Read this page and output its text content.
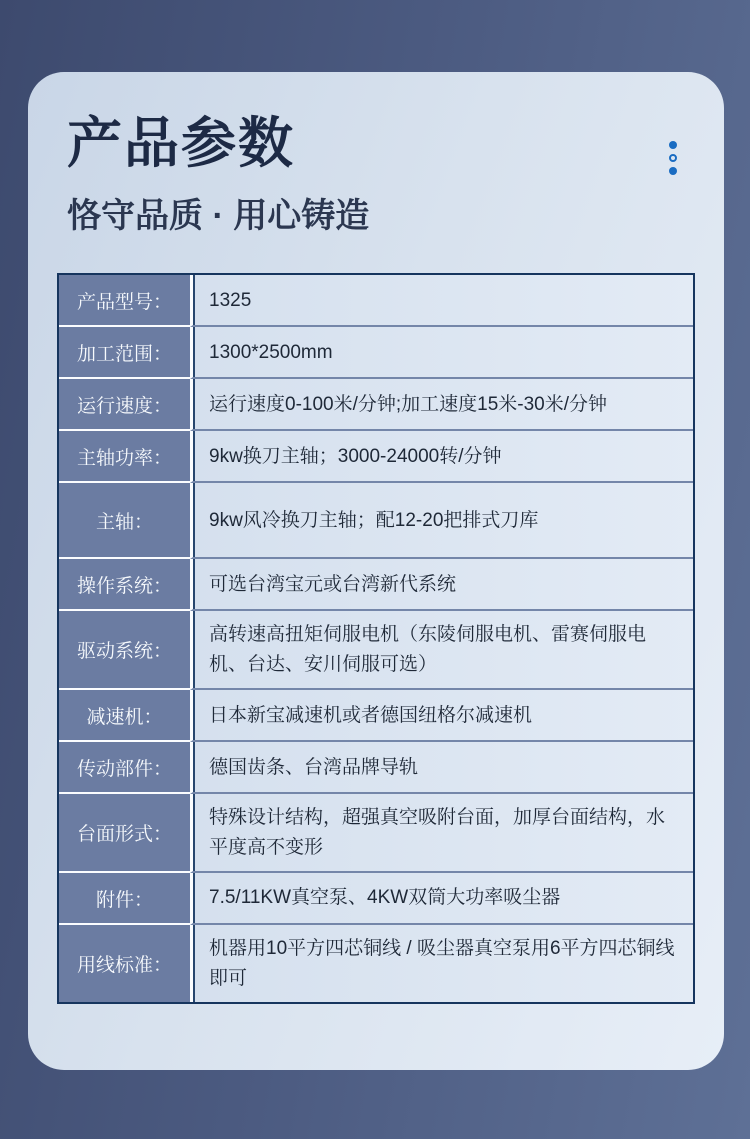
产品参数
恪守品质 · 用心铸造
产品型号： 1325
加工范围： 1300*2500mm
运行速度： 运行速度0-100米/分钟;加工速度15米-30米/分钟
主轴功率： 9kw换刀主轴；3000-24000转/分钟
主轴：	9kw风冷换刀主轴；配12-20把排式刀库
操作系统： 可选台湾宝元或台湾新代系统
驱动系统：
高转速高扭矩伺服电机（东陵伺服电机、雷赛伺服电机、台达、安川伺服可选）
减速机： 日本新宝减速机或者德国纽格尔减速机
传动部件： 德国齿条、台湾品牌导轨
台面形式：
特殊设计结构，超强真空吸附台面，加厚台面结构，水平度高不变形
附件：	7.5/11KW真空泵、4KW双筒大功率吸尘器
用线标准：
机器用10平方四芯铜线 / 吸尘器真空泵用6平方四芯铜线即可
